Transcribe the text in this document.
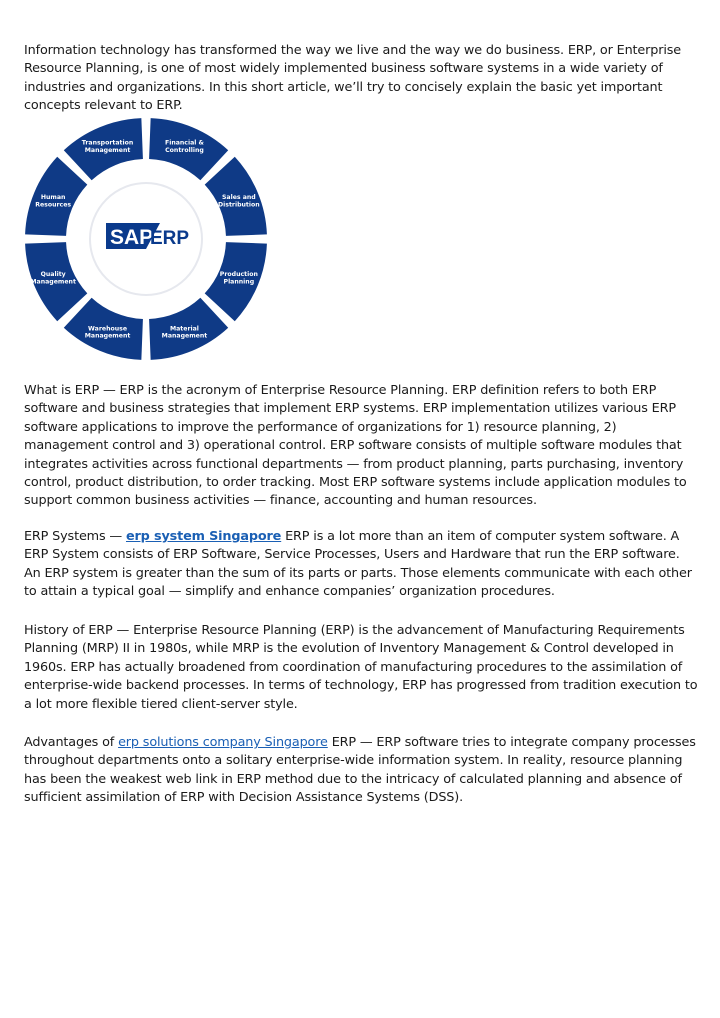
Information technology has transformed the way we live and the way we do business. ERP, or Enterprise Resource Planning, is one of most widely implemented business software systems in a wide variety of industries and organizations. In this short article, we’ll try to concisely explain the basic yet important concepts relevant to ERP.

What is ERP — ERP is the acronym of Enterprise Resource Planning. ERP definition refers to both ERP software and business strategies that implement ERP systems. ERP implementation utilizes various ERP software applications to improve the performance of organizations for 1) resource planning, 2) management control and 3) operational control. ERP software consists of multiple software modules that integrates activities across functional departments — from product planning, parts purchasing, inventory control, product distribution, to order tracking. Most ERP software systems include application modules to support common business activities — finance, accounting and human resources.

ERP Systems — erp system Singapore ERP is a lot more than an item of computer system software. A ERP System consists of ERP Software, Service Processes, Users and Hardware that run the ERP software. An ERP system is greater than the sum of its parts or parts. Those elements communicate with each other to attain a typical goal — simplify and enhance companies’ organization procedures.

History of ERP — Enterprise Resource Planning (ERP) is the advancement of Manufacturing Requirements Planning (MRP) II in 1980s, while MRP is the evolution of Inventory Management & Control developed in 1960s. ERP has actually broadened from coordination of manufacturing procedures to the assimilation of enterprise-wide backend processes. In terms of technology, ERP has progressed from tradition execution to a lot more flexible tiered client-server style.

Advantages of erp solutions company Singapore ERP — ERP software tries to integrate company processes throughout departments onto a solitary enterprise-wide information system. In reality, resource planning has been the weakest web link in ERP method due to the intricacy of calculated planning and absence of sufficient assimilation of ERP with Decision Assistance Systems (DSS).

Financial & Controlling
Sales and Distribution
Production Planning
Material Management
Warehouse Management
Quality Management
Human Resources
Transportation Management
SAP
ERP
